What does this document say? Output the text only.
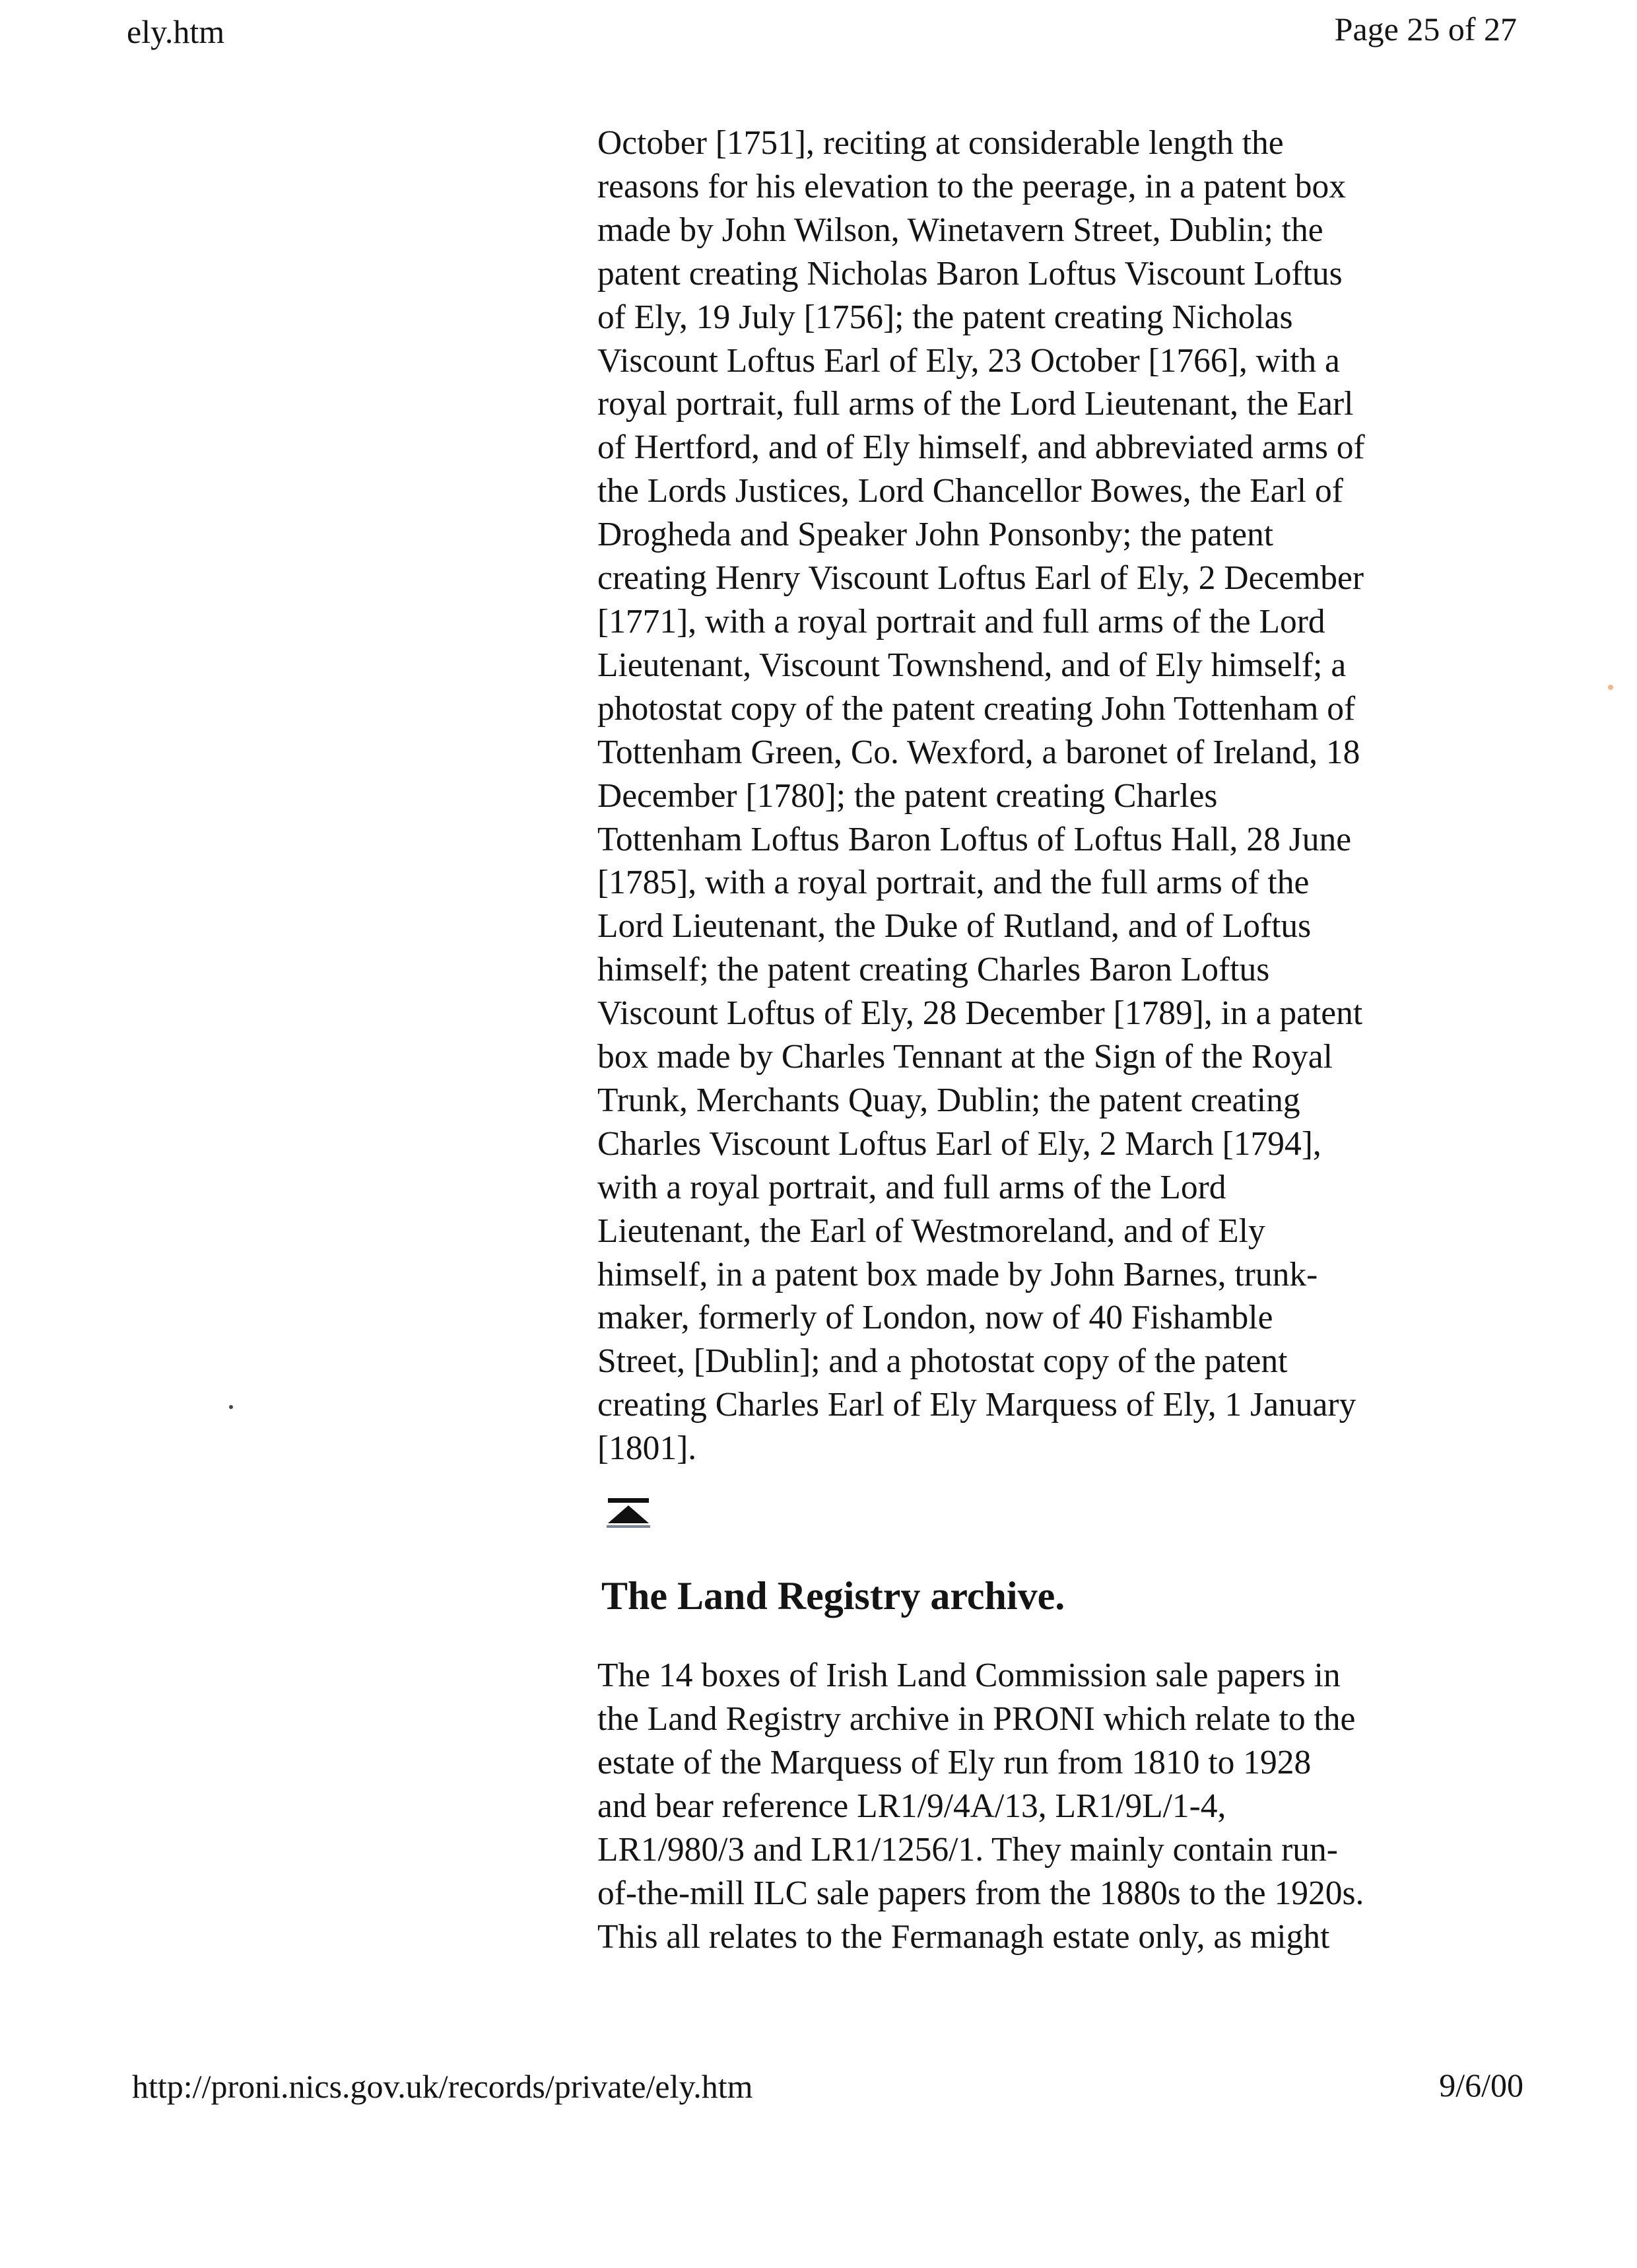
ely.htm	Page 25 of 27

October [1751], reciting at considerable length the
reasons for his elevation to the peerage, in a patent box
made by John Wilson, Winetavern Street, Dublin; the
patent creating Nicholas Baron Loftus Viscount Loftus
of Ely, 19 July [1756]; the patent creating Nicholas
Viscount Loftus Earl of Ely, 23 October [1766], with a
royal portrait, full arms of the Lord Lieutenant, the Earl
of Hertford, and of Ely himself, and abbreviated arms of
the Lords Justices, Lord Chancellor Bowes, the Earl of
Drogheda and Speaker John Ponsonby; the patent
creating Henry Viscount Loftus Earl of Ely, 2 December
[1771], with a royal portrait and full arms of the Lord
Lieutenant, Viscount Townshend, and of Ely himself; a
photostat copy of the patent creating John Tottenham of
Tottenham Green, Co. Wexford, a baronet of Ireland, 18
December [1780]; the patent creating Charles
Tottenham Loftus Baron Loftus of Loftus Hall, 28 June
[1785], with a royal portrait, and the full arms of the
Lord Lieutenant, the Duke of Rutland, and of Loftus
himself; the patent creating Charles Baron Loftus
Viscount Loftus of Ely, 28 December [1789], in a patent
box made by Charles Tennant at the Sign of the Royal
Trunk, Merchants Quay, Dublin; the patent creating
Charles Viscount Loftus Earl of Ely, 2 March [1794],
with a royal portrait, and full arms of the Lord
Lieutenant, the Earl of Westmoreland, and of Ely
himself, in a patent box made by John Barnes, trunk-
maker, formerly of London, now of 40 Fishamble
Street, [Dublin]; and a photostat copy of the patent
creating Charles Earl of Ely Marquess of Ely, 1 January
[1801].

The Land Registry archive.

The 14 boxes of Irish Land Commission sale papers in
the Land Registry archive in PRONI which relate to the
estate of the Marquess of Ely run from 1810 to 1928
and bear reference LR1/9/4A/13, LR1/9L/1-4,
LR1/980/3 and LR1/1256/1. They mainly contain run-
of-the-mill ILC sale papers from the 1880s to the 1920s.
This all relates to the Fermanagh estate only, as might

http://proni.nics.gov.uk/records/private/ely.htm	9/6/00
